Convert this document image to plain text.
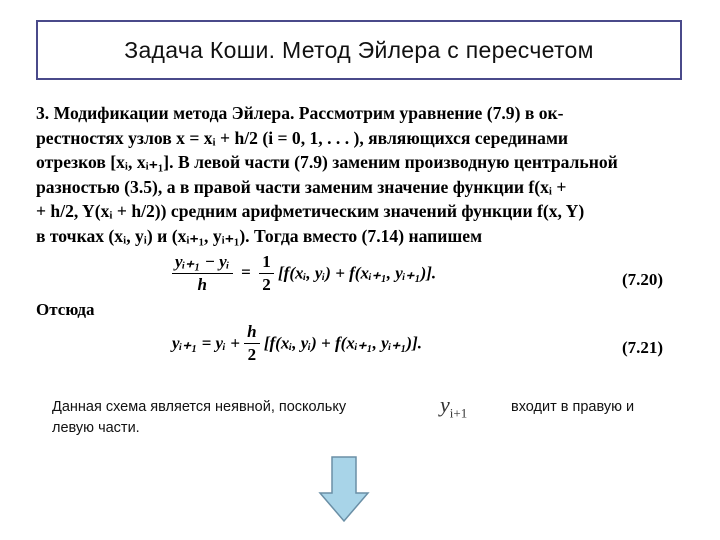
Задача Коши. Метод Эйлера с пересчетом
3. Модификации метода Эйлера. Рассмотрим уравнение (7.9) в ок-
рестностях узлов x = xᵢ + h/2 (i = 0, 1, . . . ), являющихся серединами
отрезков [xᵢ, xᵢ₊₁]. В левой части (7.9) заменим производную центральной
разностью (3.5), а в правой части заменим значение функции f(xᵢ +
+ h/2, Y(xᵢ + h/2)) средним арифметическим значений функции f(x, Y)
в точках (xᵢ, yᵢ) и (xᵢ₊₁, yᵢ₊₁). Тогда вместо (7.14) напишем
$\frac{\text{yᵢ₊₁ − yᵢ}}{h} = \frac{1}{2}$ [f(xᵢ, yᵢ) + f(xᵢ₊₁, yᵢ₊₁)].	(7.20)
Отсюда
yᵢ₊₁ = yᵢ + $\frac{h}{2}$ [f(xᵢ, yᵢ) + f(xᵢ₊₁, yᵢ₊₁)].	(7.21)
Данная схема является неявной, поскольку	$y_{i+1}$	входит в правую и
левую части.
